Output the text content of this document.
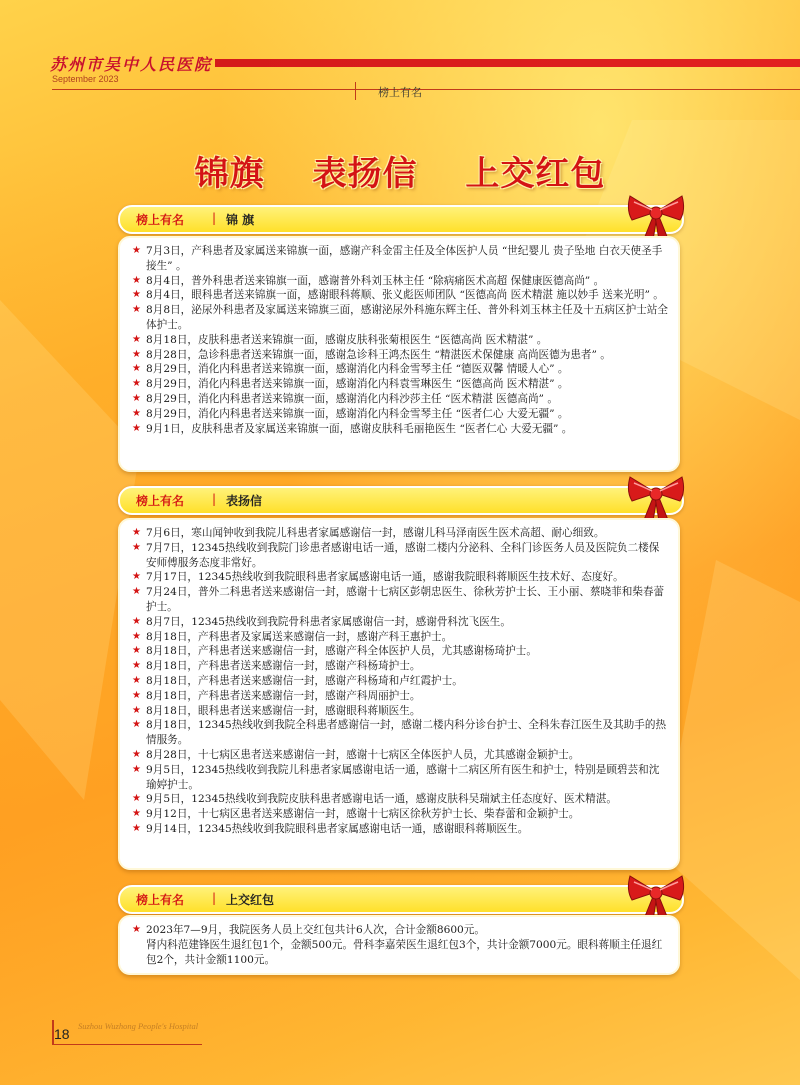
苏州市吴中人民医院
September 2023
榜上有名
锦旗　 表扬信　 上交红包
榜上有名 | 锦 旗
★ 7月3日，产科患者及家属送来锦旗一面，感谢产科金雷主任及全体医护人员 “世纪婴儿 贵子坠地 白衣天使圣手接生” 。
★ 8月4日，普外科患者送来锦旗一面，感谢普外科刘玉林主任 “除病痛医术高超 保健康医德高尚” 。
★ 8月4日，眼科患者送来锦旗一面，感谢眼科蒋顺、张义彪医师团队 “医德高尚 医术精湛 施以妙手 送来光明” 。
★ 8月8日，泌尿外科患者及家属送来锦旗三面，感谢泌尿外科施东辉主任、普外科刘玉林主任及十五病区护士站全体护士。
★ 8月18日，皮肤科患者送来锦旗一面，感谢皮肤科张菊根医生 “医德高尚 医术精湛” 。
★ 8月28日，急诊科患者送来锦旗一面，感谢急诊科王鸿杰医生 “精湛医术保健康 高尚医德为患者” 。
★ 8月29日，消化内科患者送来锦旗一面，感谢消化内科金雪琴主任 “德医双馨 情暖人心” 。
★ 8月29日，消化内科患者送来锦旗一面，感谢消化内科袁雪琳医生 “医德高尚 医术精湛” 。
★ 8月29日，消化内科患者送来锦旗一面，感谢消化内科沙莎主任 “医术精湛 医德高尚” 。
★ 8月29日，消化内科患者送来锦旗一面，感谢消化内科金雪琴主任 “医者仁心 大爱无疆” 。
★ 9月1日，皮肤科患者及家属送来锦旗一面，感谢皮肤科毛丽艳医生 “医者仁心 大爱无疆” 。
榜上有名 | 表扬信
★ 7月6日，寒山闻钟收到我院儿科患者家属感谢信一封，感谢儿科马泽南医生医术高超、耐心细致。
★ 7月7日，12345热线收到我院门诊患者感谢电话一通，感谢二楼内分泌科、全科门诊医务人员及医院负二楼保安师傅服务态度非常好。
★ 7月17日，12345热线收到我院眼科患者家属感谢电话一通，感谢我院眼科蒋顺医生技术好、态度好。
★ 7月24日，普外二科患者送来感谢信一封，感谢十七病区彭朝忠医生、徐秋芳护士长、王小丽、蔡晓菲和柴春蕾护士。
★ 8月7日，12345热线收到我院骨科患者家属感谢信一封，感谢骨科沈飞医生。
★ 8月18日，产科患者及家属送来感谢信一封，感谢产科王惠护士。
★ 8月18日，产科患者送来感谢信一封，感谢产科全体医护人员，尤其感谢杨琦护士。
★ 8月18日，产科患者送来感谢信一封，感谢产科杨琦护士。
★ 8月18日，产科患者送来感谢信一封，感谢产科杨琦和卢红霞护士。
★ 8月18日，产科患者送来感谢信一封，感谢产科周丽护士。
★ 8月18日，眼科患者送来感谢信一封，感谢眼科蒋顺医生。
★ 8月18日，12345热线收到我院全科患者感谢信一封，感谢二楼内科分诊台护士、全科朱春江医生及其助手的热情服务。
★ 8月28日，十七病区患者送来感谢信一封，感谢十七病区全体医护人员，尤其感谢金颖护士。
★ 9月5日，12345热线收到我院儿科患者家属感谢电话一通，感谢十二病区所有医生和护士，特别是顾碧芸和沈瑜婷护士。
★ 9月5日，12345热线收到我院皮肤科患者感谢电话一通，感谢皮肤科吴瑞斌主任态度好、医术精湛。
★ 9月12日，十七病区患者送来感谢信一封，感谢十七病区徐秋芳护士长、柴春蕾和金颖护士。
★ 9月14日，12345热线收到我院眼科患者家属感谢电话一通，感谢眼科蒋顺医生。
榜上有名 | 上交红包
★ 2023年7—9月，我院医务人员上交红包共计6人次，合计金额8600元。
肾内科范建锋医生退红包1个，金额500元。骨科李嘉荣医生退红包3个，共计金额7000元。眼科蒋顺主任退红包2个，共计金额1100元。
18 Suzhou Wuzhong People's Hospital
